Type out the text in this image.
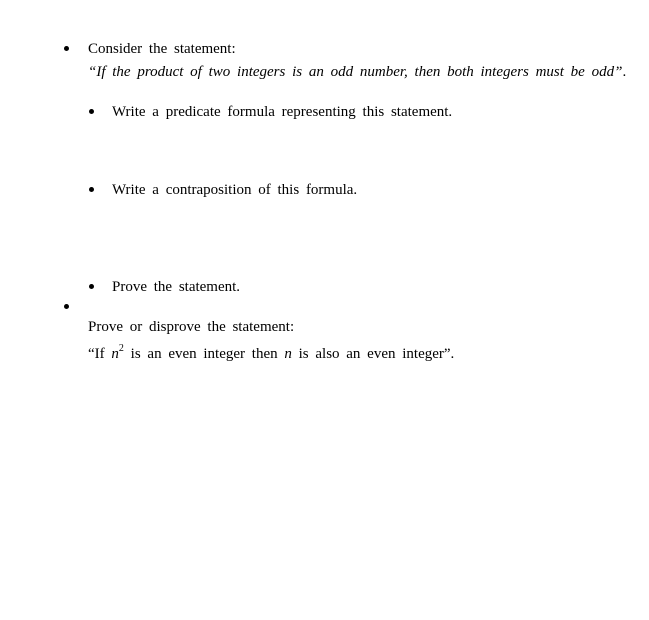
Consider the statement:
“If the product of two integers is an odd number, then both integers must be odd”.
Write a predicate formula representing this statement.
Write a contraposition of this formula.
Prove the statement.
Prove or disprove the statement:
“If $n^2$ is an even integer then n is also an even integer”.
